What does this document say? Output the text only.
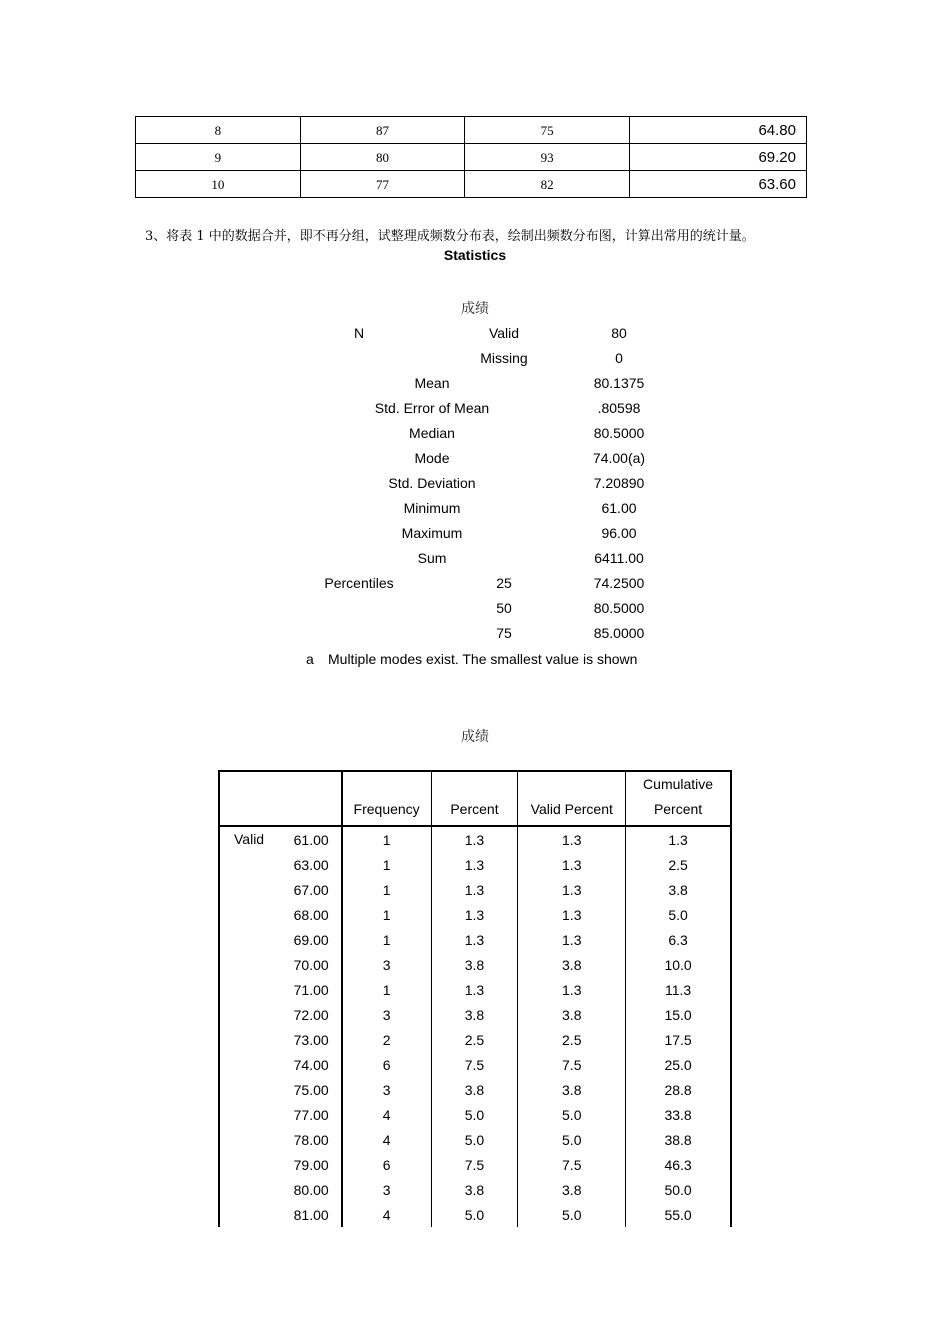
8	87	75	64.80
9	80	93	69.20
10	77	82	63.60
3、将表 1 中的数据合并，即不再分组，试整理成频数分布表，绘制出频数分布图，计算出常用的统计量。
Statistics
成绩
N	Valid	80
Missing	0
Mean	80.1375
Std. Error of Mean	.80598
Median	80.5000
Mode	74.00(a)
Std. Deviation	7.20890
Minimum	61.00
Maximum	96.00
Sum	6411.00
Percentiles	25	74.2500
50	80.5000
75	85.0000
a Multiple modes exist. The smallest value is shown
成绩
	Frequency	Percent	Valid Percent	Cumulative
Percent

Valid 61.00	1	1.3	1.3	1.3

63.00	1	1.3	1.3	2.5

67.00	1	1.3	1.3	3.8

68.00	1	1.3	1.3	5.0

69.00	1	1.3	1.3	6.3

70.00	3	3.8	3.8	10.0

71.00	1	1.3	1.3	11.3

72.00	3	3.8	3.8	15.0

73.00	2	2.5	2.5	17.5

74.00	6	7.5	7.5	25.0

75.00	3	3.8	3.8	28.8

77.00	4	5.0	5.0	33.8

78.00	4	5.0	5.0	38.8

79.00	6	7.5	7.5	46.3

80.00	3	3.8	3.8	50.0

81.00	4	5.0	5.0	55.0
